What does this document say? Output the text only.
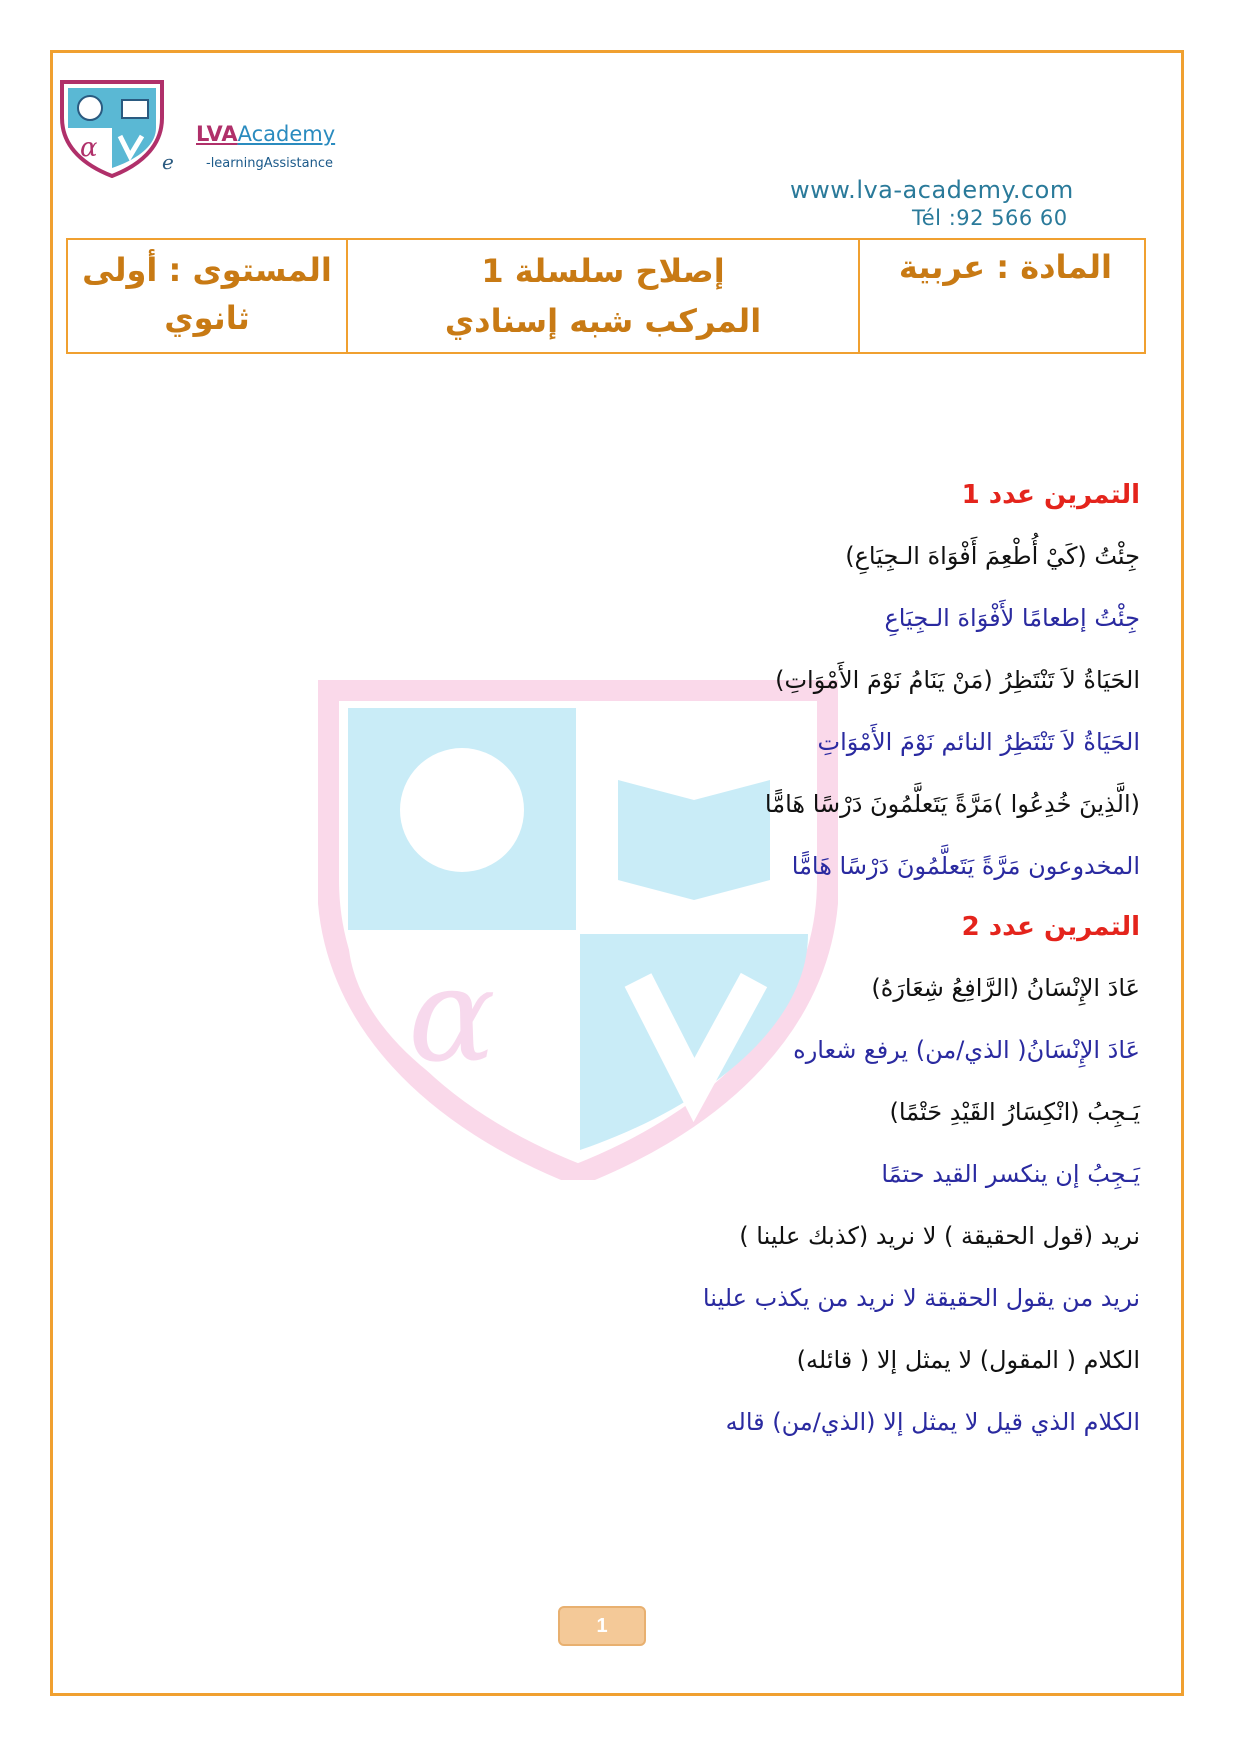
α	LVAAcademy
e -learningAssistance
www.lva-academy.com
Tél :92 566 60
المادة : عربية
إصلاح سلسلة 1
المركب شبه إسنادي
المستوى : أولى
ثانوي
α
التمرين عدد 1
جِئْتُ (كَيْ أُطْعِمَ أَفْوَاهَ الـجِيَاعِ)
جِئْتُ إطعامًا لأَفْوَاهَ الـجِيَاعِ
الحَيَاةُ لاَ تَنْتَظِرُ (مَنْ يَنَامُ نَوْمَ الأَمْوَاتِ)
الحَيَاةُ لاَ تَنْتَظِرُ النائم نَوْمَ الأَمْوَاتِ
(الَّذِينَ خُدِعُوا )مَرَّةً يَتَعلَّمُونَ دَرْسًا هَامًّا
المخدوعون مَرَّةً يَتَعلَّمُونَ دَرْسًا هَامًّا
التمرين عدد 2
عَادَ الإِنْسَانُ (الرَّافِعُ شِعَارَهُ)
عَادَ الإِنْسَانُ( الذي/من) يرفع شعاره
يَـجِبُ (انْكِسَارُ القَيْدِ حَتْمًا)
يَـجِبُ إن ينكسر القيد حتمًا
نريد (قول الحقيقة ) لا نريد (كذبك علينا )
نريد من يقول الحقيقة لا نريد من يكذب علينا
الكلام ( المقول) لا يمثل إلا ( قائله)
الكلام الذي قيل لا يمثل إلا (الذي/من) قاله
1
